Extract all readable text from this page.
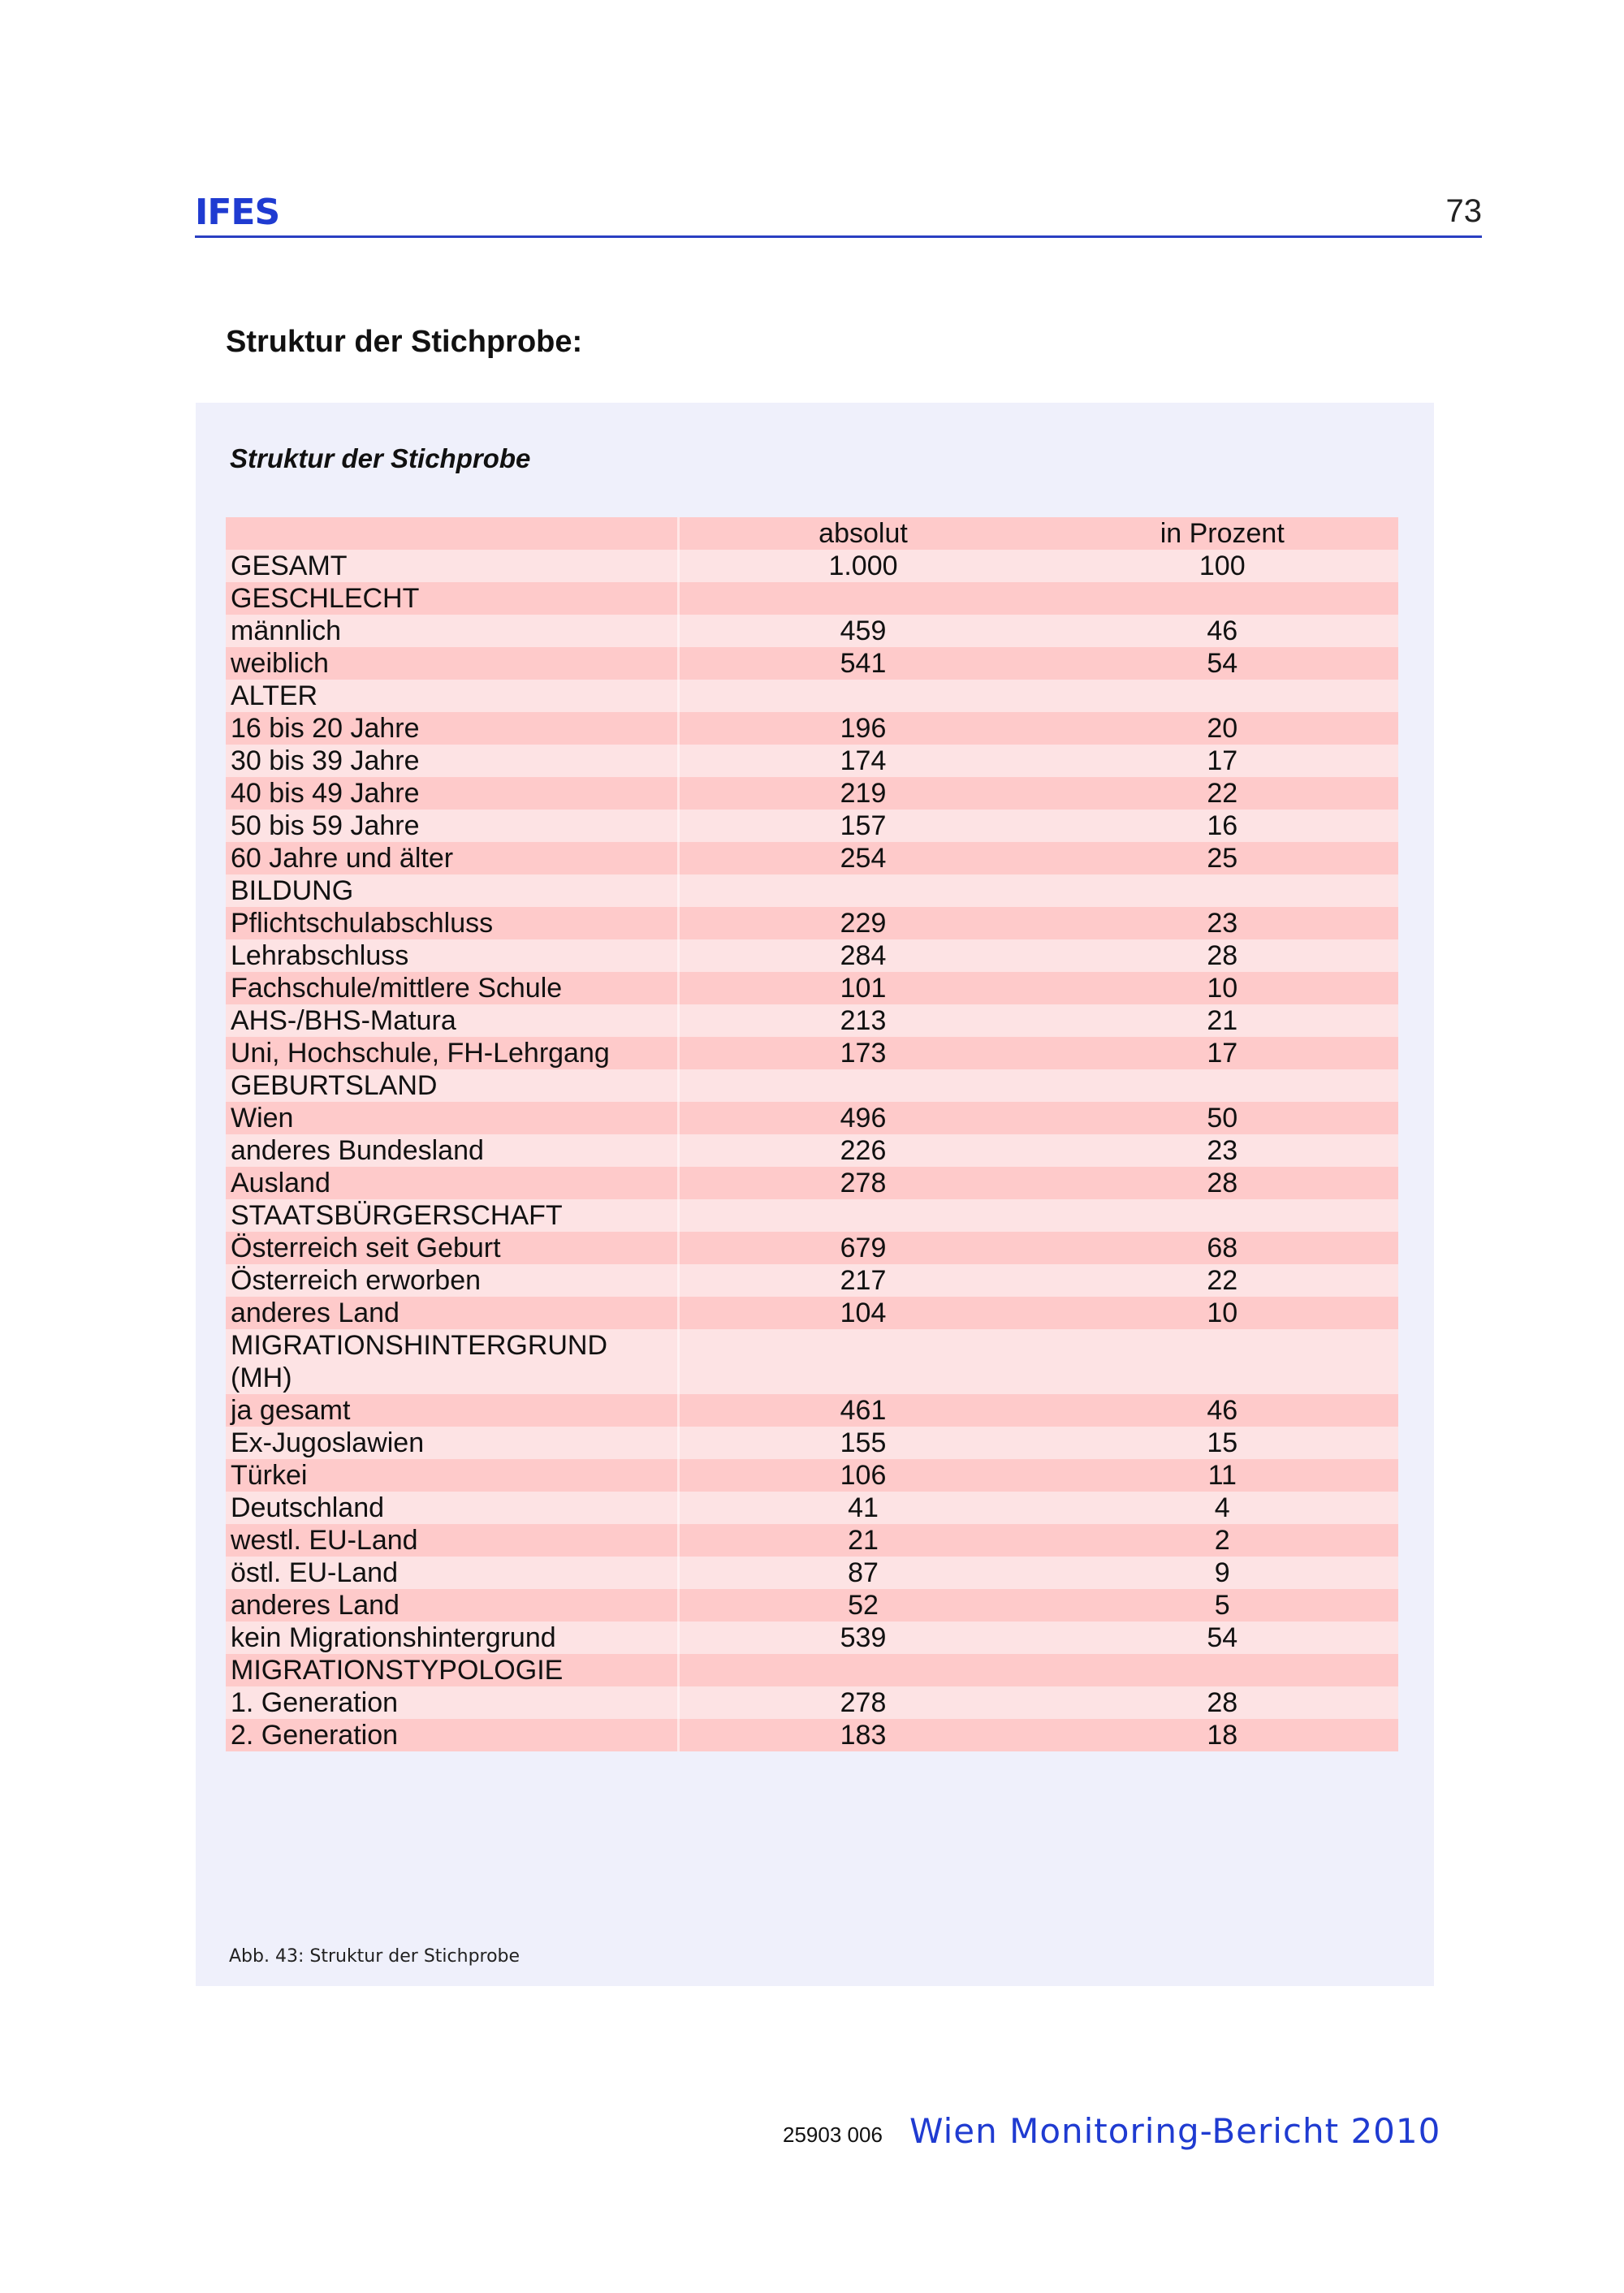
IFES	73
Struktur der Stichprobe:
Struktur der Stichprobe
	absolut	in Prozent
GESAMT	1.000	100
GESCHLECHT		
männlich	459	46
weiblich	541	54
ALTER		
16 bis 20 Jahre	196	20
30 bis 39 Jahre	174	17
40 bis 49 Jahre	219	22
50 bis 59 Jahre	157	16
60 Jahre und älter	254	25
BILDUNG		
Pflichtschulabschluss	229	23
Lehrabschluss	284	28
Fachschule/mittlere Schule	101	10
AHS-/BHS-Matura	213	21
Uni, Hochschule, FH-Lehrgang	173	17
GEBURTSLAND		
Wien	496	50
anderes Bundesland	226	23
Ausland	278	28
STAATSBÜRGERSCHAFT		
Österreich seit Geburt	679	68
Österreich erworben	217	22
anderes Land	104	10
MIGRATIONSHINTERGRUND (MH)		
ja gesamt	461	46
Ex-Jugoslawien	155	15
Türkei	106	11
Deutschland	41	4
westl. EU-Land	21	2
östl. EU-Land	87	9
anderes Land	52	5
kein Migrationshintergrund	539	54
MIGRATIONSTYPOLOGIE		
1. Generation	278	28
2. Generation	183	18
Abb. 43: Struktur der Stichprobe
25903 006 Wien Monitoring-Bericht 2010
